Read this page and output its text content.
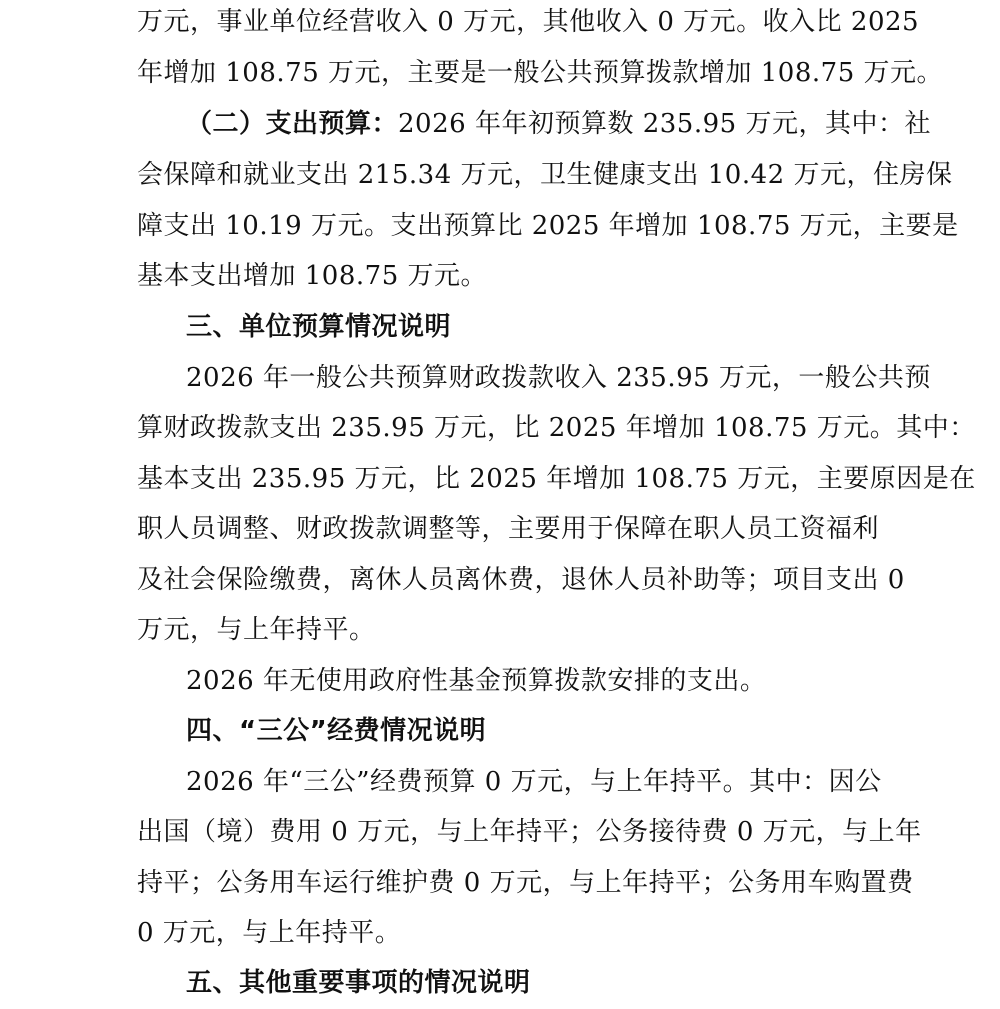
万元，事业单位经营收入 0 万元，其他收入 0 万元。收入比 2025
年增加 108.75 万元，主要是一般公共预算拨款增加 108.75 万元。
（二）支出预算：2026 年年初预算数 235.95 万元，其中：社
会保障和就业支出 215.34 万元，卫生健康支出 10.42 万元，住房保
障支出 10.19 万元。支出预算比 2025 年增加 108.75 万元，主要是
基本支出增加 108.75 万元。
三、单位预算情况说明
2026 年一般公共预算财政拨款收入 235.95 万元，一般公共预
算财政拨款支出 235.95 万元，比 2025 年增加 108.75 万元。其中：
基本支出 235.95 万元，比 2025 年增加 108.75 万元，主要原因是在
职人员调整、财政拨款调整等，主要用于保障在职人员工资福利
及社会保险缴费，离休人员离休费，退休人员补助等；项目支出 0
万元，与上年持平。
2026 年无使用政府性基金预算拨款安排的支出。
四、“三公”经费情况说明
2026 年“三公”经费预算 0 万元，与上年持平。其中：因公
出国（境）费用 0 万元，与上年持平；公务接待费 0 万元，与上年
持平；公务用车运行维护费 0 万元，与上年持平；公务用车购置费
0 万元，与上年持平。
五、其他重要事项的情况说明
